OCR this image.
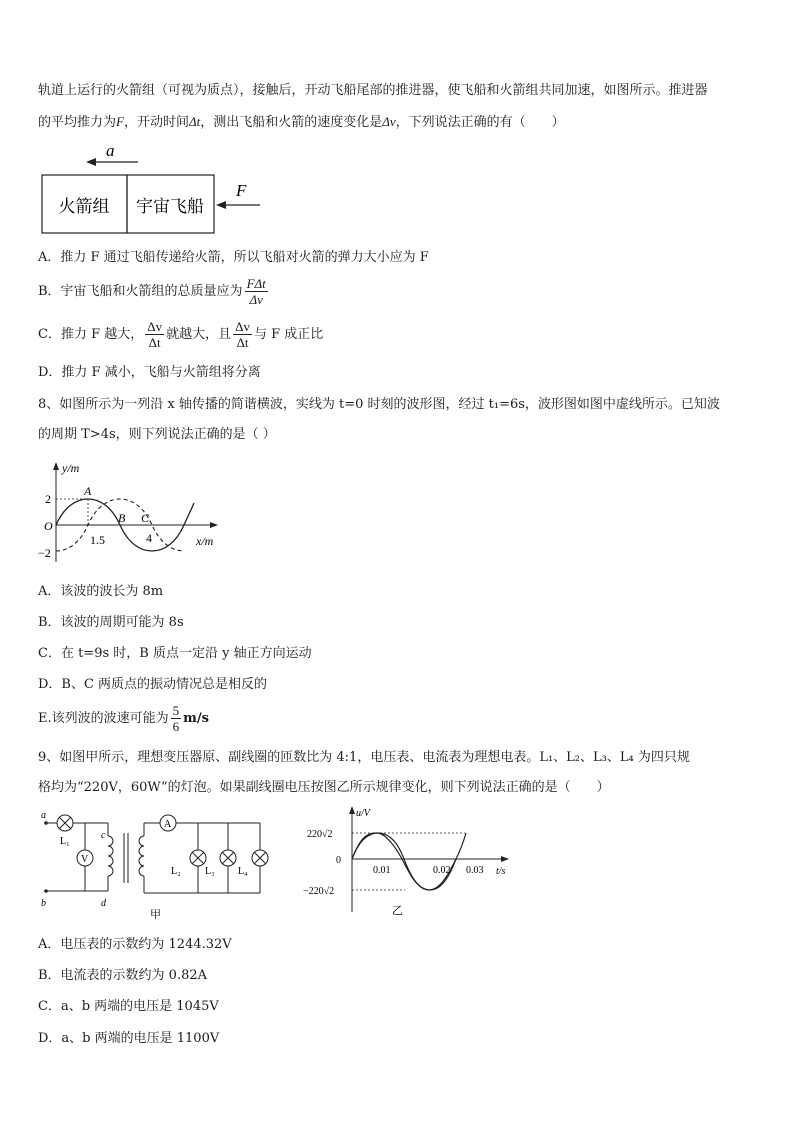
轨道上运行的火箭组（可视为质点），接触后，开动飞船尾部的推进器，使飞船和火箭组共同加速，如图所示。推进器
的平均推力为F，开动时间Δt，测出飞船和火箭的速度变化是Δv，下列说法正确的有（　　）
a
火箭组 宇宙飞船
F
A．推力 F 通过飞船传递给火箭，所以飞船对火箭的弹力大小应为 F
B．宇宙飞船和火箭组的总质量应为 $\frac{\text{FΔt}}{\Delta v}$
C．推力 F 越大， $\frac{\Delta v}{\Delta t}$ 就越大，且 $\frac{\Delta v}{\Delta t}$ 与 F 成正比
D．推力 F 减小，飞船与火箭组将分离
8、如图所示为一列沿 x 轴传播的简谐横波，实线为 t=0 时刻的波形图，经过 t₁=6s，波形图如图中虚线所示。已知波
的周期 T>4s，则下列说法正确的是（ ）
y/m
x/m
O
2
−2
1.5	4
A
B C
A．该波的波长为 8m
B．该波的周期可能为 8s
C．在 t=9s 时，B 质点一定沿 y 轴正方向运动
D．B、C 两质点的振动情况总是相反的
E.该列波的波速可能为 $\frac{5}{6} m/s$
9、如图甲所示，理想变压器原、副线圈的匝数比为 4:1，电压表、电流表为理想电表。L₁、L₂、L₃、L₄ 为四只规
格均为“220V，60W”的灯泡。如果副线圈电压按图乙所示规律变化，则下列说法正确的是（　　）
a
b
c
d
L₁
V
A
L₂ L₃ L₄
甲
u/V
t/s
220√2
0
−220√2
0.01	0.02 0.03
乙
A．电压表的示数约为 1244.32V
B．电流表的示数约为 0.82A
C．a、b 两端的电压是 1045V
D．a、b 两端的电压是 1100V
